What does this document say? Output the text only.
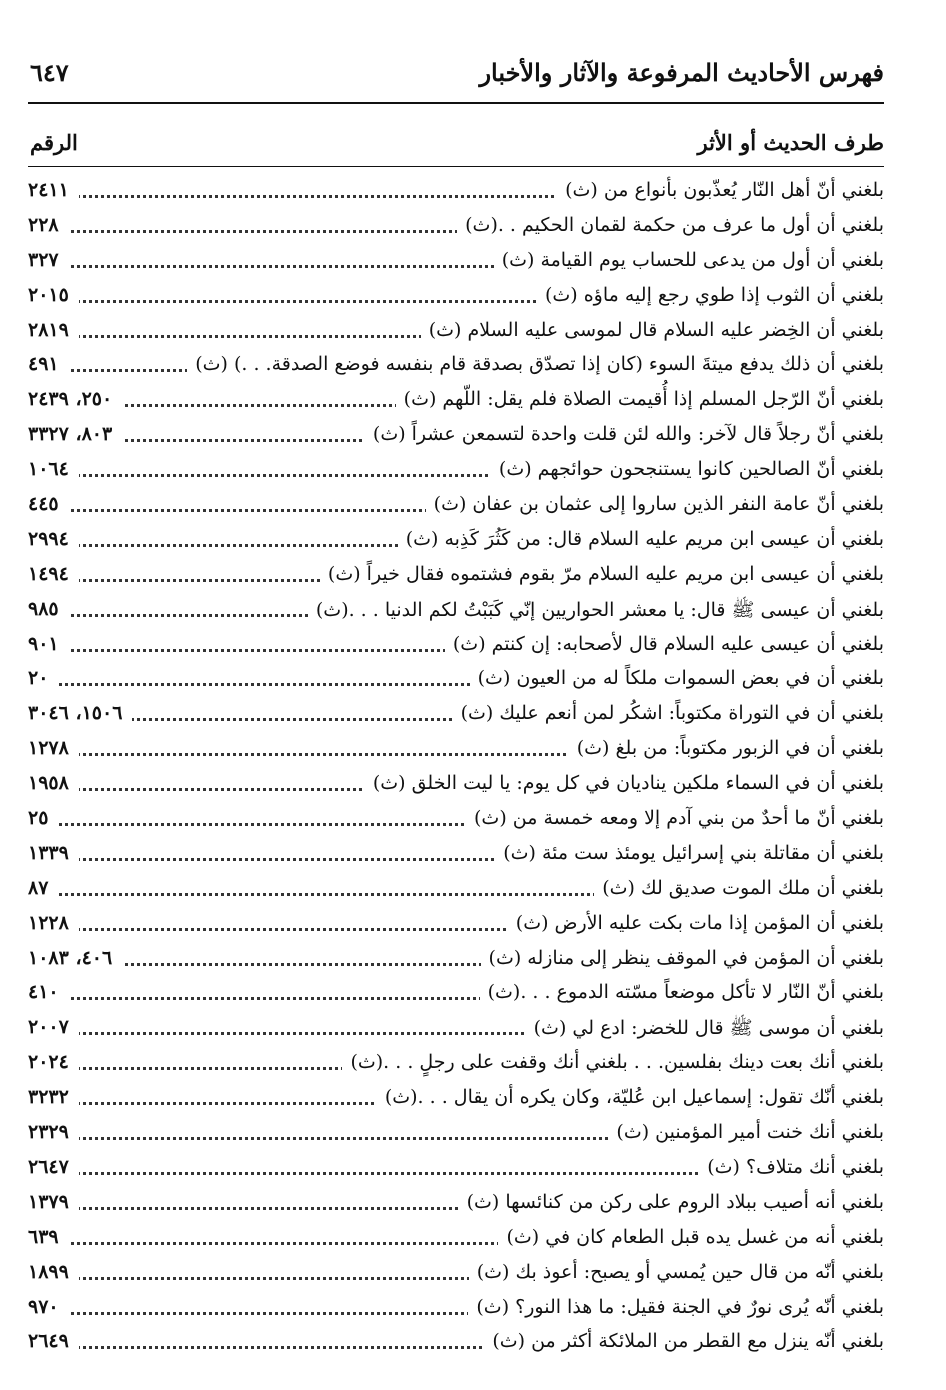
فهرس الأحاديث المرفوعة والآثار والأخبار
٦٤٧
طرف الحديث أو الأثر
الرقم
بلغني أنّ أهل النّار يُعذّبون بأنواع من (ث)
٢٤١١
بلغني أن أول ما عرف من حكمة لقمان الحكيم . .(ث)
٢٢٨
بلغني أن أول من يدعى للحساب يوم القيامة (ث)
٣٢٧
بلغني أن الثوب إذا طوي رجع إليه ماؤه (ث)
٢٠١٥
بلغني أن الخِضر عليه السلام قال لموسى عليه السلام (ث)
٢٨١٩
بلغني أن ذلك يدفع ميتةَ السوء (كان إذا تصدّق بصدقة قام بنفسه فوضع الصدقة. . .) (ث)
٤٩١
بلغني أنّ الرّجل المسلم إذا أُقيمت الصلاة فلم يقل: اللّهم (ث)
٢٥٠، ٢٤٣٩
بلغني أنّ رجلاً قال لآخر: والله لئن قلت واحدة لتسمعن عشراً (ث)
٨٠٣، ٣٣٢٧
بلغني أنّ الصالحين كانوا يستنجحون حوائجهم (ث)
١٠٦٤
بلغني أنّ عامة النفر الذين ساروا إلى عثمان بن عفان (ث)
٤٤٥
بلغني أن عيسى ابن مريم عليه السلام قال: من كَثُرَ كَذِبه (ث)
٢٩٩٤
بلغني أن عيسى ابن مريم عليه السلام مرّ بقوم فشتموه فقال خيراً (ث)
١٤٩٤
بلغني أن عيسى ﷺ قال: يا معشر الحواريين إنّي كَبَبْتُ لكم الدنيا . . .(ث)
٩٨٥
بلغني أن عيسى عليه السلام قال لأصحابه: إن كنتم (ث)
٩٠١
بلغني أن في بعض السموات ملكاً له من العيون (ث)
٢٠
بلغني أن في التوراة مكتوباً: اشكُر لمن أنعم عليك (ث)
١٥٠٦، ٣٠٤٦
بلغني أن في الزبور مكتوباً: من بلغ (ث)
١٢٧٨
بلغني أن في السماء ملكين يناديان في كل يوم: يا ليت الخلق (ث)
١٩٥٨
بلغني أنّ ما أحدٌ من بني آدم إلا ومعه خمسة من (ث)
٢٥
بلغني أن مقاتلة بني إسرائيل يومئذ ست مئة (ث)
١٣٣٩
بلغني أن ملك الموت صديق لك (ث)
٨٧
بلغني أن المؤمن إذا مات بكت عليه الأرض (ث)
١٢٢٨
بلغني أن المؤمن في الموقف ينظر إلى منازله (ث)
٤٠٦، ١٠٨٣
بلغني أنّ النّار لا تأكل موضعاً مسّته الدموع . . .(ث)
٤١٠
بلغني أن موسى ﷺ قال للخضر: ادع لي (ث)
٢٠٠٧
بلغني أنك بعت دينك بفلسين. . . بلغني أنك وقفت على رجلٍ . . .(ث)
٢٠٢٤
بلغني أنّك تقول: إسماعيل ابن عُليّة، وكان يكره أن يقال . . .(ث)
٣٢٣٢
بلغني أنك خنت أمير المؤمنين (ث)
٢٣٢٩
بلغني أنك متلاف؟ (ث)
٢٦٤٧
بلغني أنه أصيب ببلاد الروم على ركن من كنائسها (ث)
١٣٧٩
بلغني أنه من غسل يده قبل الطعام كان في (ث)
٦٣٩
بلغني أنّه من قال حين يُمسي أو يصبح: أعوذ بك (ث)
١٨٩٩
بلغني أنّه يُرى نورٌ في الجنة فقيل: ما هذا النور؟ (ث)
٩٧٠
بلغني أنّه ينزل مع القطر من الملائكة أكثر من (ث)
٢٦٤٩
